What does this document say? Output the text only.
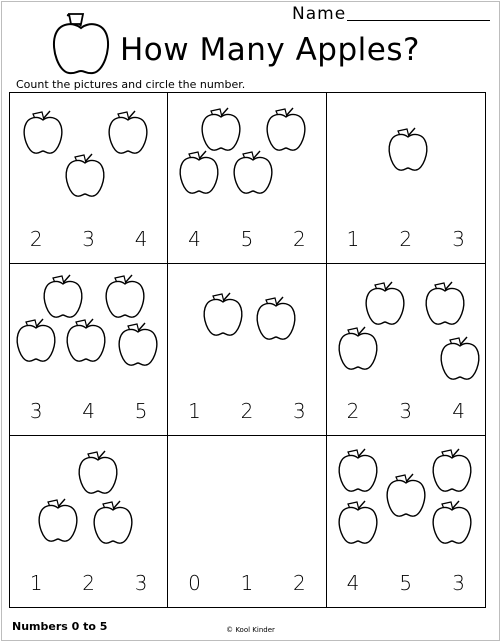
Name
How Many Apples?
Count the pictures and circle the number.
2	3	4	4	5	2	1	2	3
3	4	5	1	2	3	2	3	4
1	2	3	0	1	2	4	5	3
Numbers 0 to 5	© Kool Kinder
